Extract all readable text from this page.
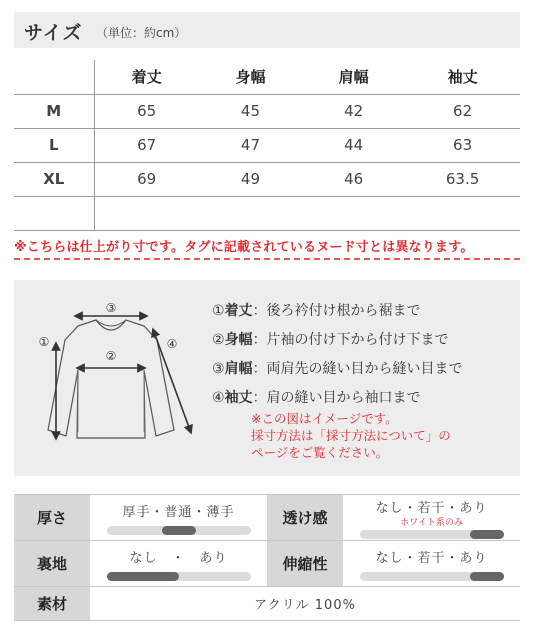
サイズ （単位：約cm）
	着丈	身幅	肩幅	袖丈
M	65	45	42	62
L	67	47	44	63
XL	69	49	46	63.5

※こちらは仕上がり寸です。タグに記載されているヌード寸とは異なります。
③
②
①	④
①着丈：後ろ衿付け根から裾まで
②身幅：片袖の付け下から付け下まで
③肩幅：両肩先の縫い目から縫い目まで
④袖丈：肩の縫い目から袖口まで
※この図はイメージです。
採寸方法は「採寸方法について」の
ページをご覧ください。
厚さ	厚手・普通・薄手	透け感	なし・若干・あり
ホワイト系のみ

裏地	なし　・　あり	伸縮性	なし・若干・あり

素材	アクリル 100%		
